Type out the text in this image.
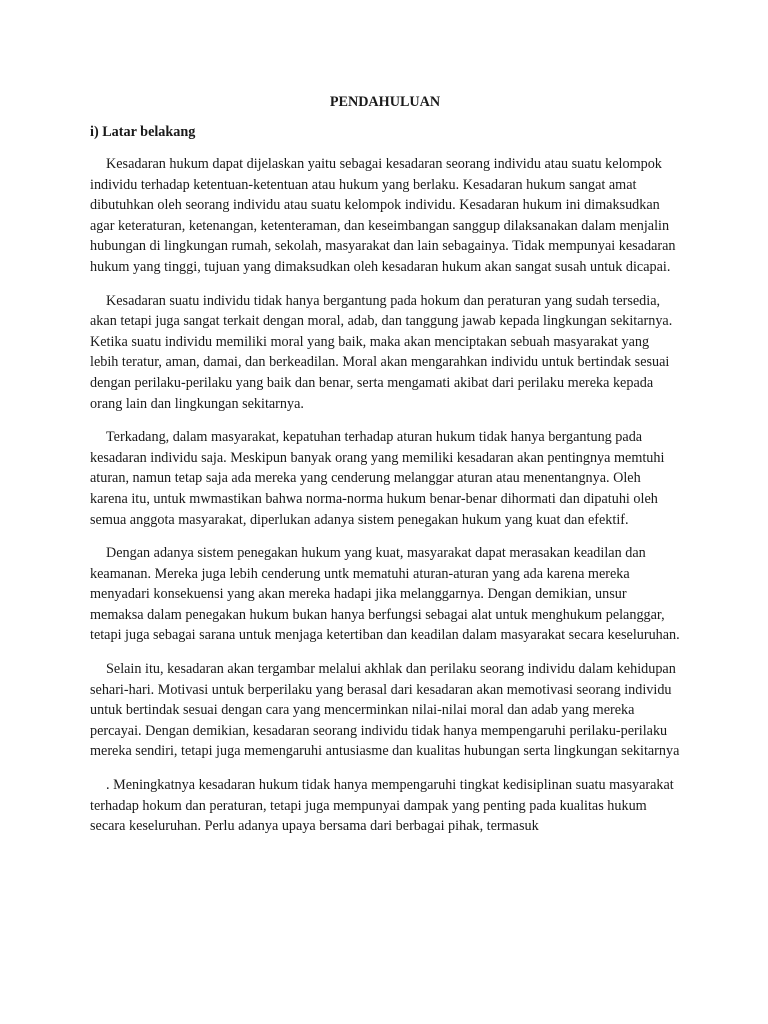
PENDAHULUAN
i) Latar belakang

Kesadaran hukum dapat dijelaskan yaitu sebagai kesadaran seorang individu atau suatu kelompok individu terhadap ketentuan-ketentuan atau hukum yang berlaku. Kesadaran hukum sangat amat dibutuhkan oleh seorang individu atau suatu kelompok individu. Kesadaran hukum ini dimaksudkan agar keteraturan, ketenangan, ketenteraman, dan keseimbangan sanggup dilaksanakan dalam menjalin hubungan di lingkungan rumah, sekolah, masyarakat dan lain sebagainya. Tidak mempunyai kesadaran hukum yang tinggi, tujuan yang dimaksudkan oleh kesadaran hukum akan sangat susah untuk dicapai.

Kesadaran suatu individu tidak hanya bergantung pada hokum dan peraturan yang sudah tersedia, akan tetapi juga sangat terkait dengan moral, adab, dan tanggung jawab kepada lingkungan sekitarnya. Ketika suatu individu memiliki moral yang baik, maka akan menciptakan sebuah masyarakat yang lebih teratur, aman, damai, dan berkeadilan. Moral akan mengarahkan individu untuk bertindak sesuai dengan perilaku-perilaku yang baik dan benar, serta mengamati akibat dari perilaku mereka kepada orang lain dan lingkungan sekitarnya.

Terkadang, dalam masyarakat, kepatuhan terhadap aturan hukum tidak hanya bergantung pada kesadaran individu saja. Meskipun banyak orang yang memiliki kesadaran akan pentingnya memtuhi aturan, namun tetap saja ada mereka yang cenderung melanggar aturan atau menentangnya. Oleh karena itu, untuk mwmastikan bahwa norma-norma hukum benar-benar dihormati dan dipatuhi oleh semua anggota masyarakat, diperlukan adanya sistem penegakan hukum yang kuat dan efektif.

Dengan adanya sistem penegakan hukum yang kuat, masyarakat dapat merasakan keadilan dan keamanan. Mereka juga lebih cenderung untk mematuhi aturan-aturan yang ada karena mereka menyadari konsekuensi yang akan mereka hadapi jika melanggarnya. Dengan demikian, unsur memaksa dalam penegakan hukum bukan hanya berfungsi sebagai alat untuk menghukum pelanggar, tetapi juga sebagai sarana untuk menjaga ketertiban dan keadilan dalam masyarakat secara keseluruhan.

Selain itu, kesadaran akan tergambar melalui akhlak dan perilaku seorang individu dalam kehidupan sehari-hari. Motivasi untuk berperilaku yang berasal dari kesadaran akan memotivasi seorang individu untuk bertindak sesuai dengan cara yang mencerminkan nilai-nilai moral dan adab yang mereka percayai. Dengan demikian, kesadaran seorang individu tidak hanya mempengaruhi perilaku-perilaku mereka sendiri, tetapi juga memengaruhi antusiasme dan kualitas hubungan serta lingkungan sekitarnya

. Meningkatnya kesadaran hukum tidak hanya mempengaruhi tingkat kedisiplinan suatu masyarakat terhadap hokum dan peraturan, tetapi juga mempunyai dampak yang penting pada kualitas hukum secara keseluruhan. Perlu adanya upaya bersama dari berbagai pihak, termasuk
